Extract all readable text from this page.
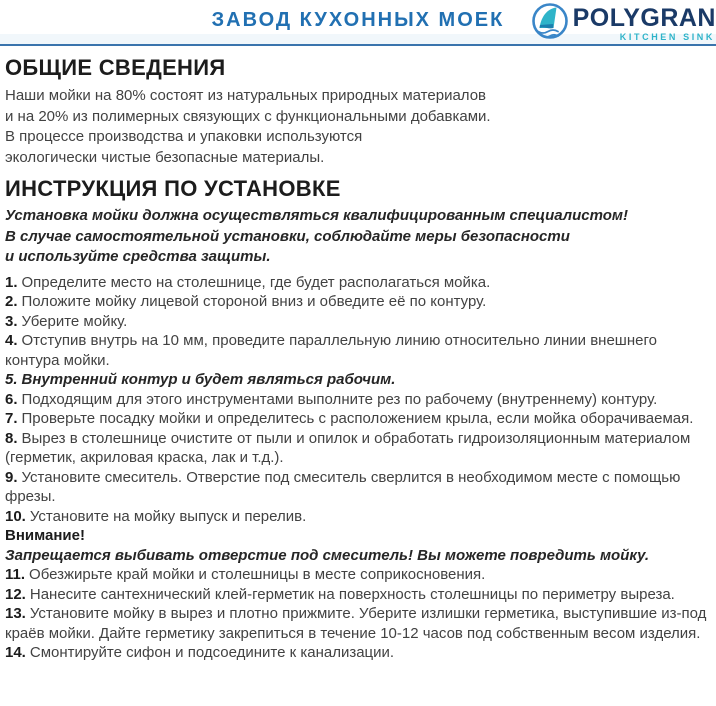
ЗАВОД КУХОННЫХ МОЕК	POLYGRAN
KITCHEN SINK
ОБЩИЕ СВЕДЕНИЯ
Наши мойки на 80% состоят из натуральных природных материалов
и на 20% из полимерных связующих с функциональными добавками.
В процессе производства и упаковки используются
экологически чистые безопасные материалы.
ИНСТРУКЦИЯ ПО УСТАНОВКЕ
Установка мойки должна осуществляться квалифицированным специалистом!
В случае самостоятельной установки, соблюдайте меры безопасности
и используйте средства защиты.
1. Определите место на столешнице, где будет располагаться мойка.
2. Положите мойку лицевой стороной вниз и обведите её по контуру.
3. Уберите мойку.
4. Отступив внутрь на 10 мм, проведите параллельную линию относительно линии внешнего контура мойки.
5. Внутренний контур и будет являться рабочим.
6. Подходящим для этого инструментами выполните рез по рабочему (внутреннему) контуру.
7. Проверьте посадку мойки и определитесь с расположением крыла, если мойка оборачиваемая.
8. Вырез в столешнице очистите от пыли и опилок и обработать гидроизоляционным материалом (герметик, акриловая краска, лак и т.д.).
9. Установите смеситель. Отверстие под смеситель сверлится в необходимом месте с помощью фрезы.
10. Установите на мойку выпуск и перелив.
Внимание!
Запрещается выбивать отверстие под смеситель! Вы можете повредить мойку.
11. Обезжирьте край мойки и столешницы в месте соприкосновения.
12. Нанесите сантехнический клей-герметик на поверхность столешницы по периметру выреза.
13. Установите мойку в вырез и плотно прижмите. Уберите излишки герметика, выступившие из-под краёв мойки. Дайте герметику закрепиться в течение 10-12 часов под собственным весом изделия.
14. Смонтируйте сифон и подсоедините к канализации.
